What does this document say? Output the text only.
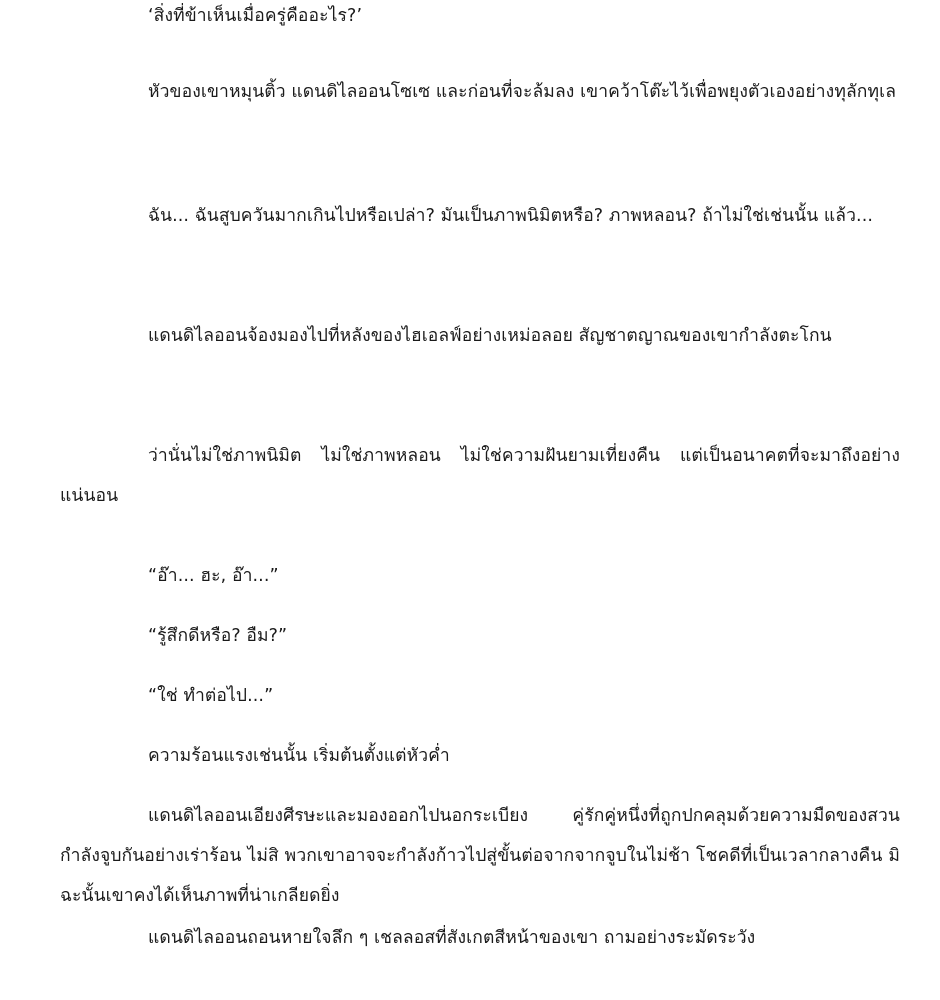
‘สิ่งที่ข้าเห็นเมื่อครู่คืออะไร?’

หัวของเขาหมุนติ้ว แดนดิไลออนโซเซ และก่อนที่จะล้มลง เขาคว้าโต๊ะไว้เพื่อพยุงตัวเองอย่างทุลักทุเล

ฉัน... ฉันสูบควันมากเกินไปหรือเปล่า? มันเป็นภาพนิมิตหรือ? ภาพหลอน? ถ้าไม่ใช่เช่นนั้น แล้ว...

แดนดิไลออนจ้องมองไปที่หลังของไฮเอลฟ์อย่างเหม่อลอย สัญชาตญาณของเขากำลังตะโกน

ว่านั่นไม่ใช่ภาพนิมิต ไม่ใช่ภาพหลอน ไม่ใช่ความฝันยามเที่ยงคืน แต่เป็นอนาคตที่จะมาถึงอย่างแน่นอน

“อ๊า... ฮะ, อ๊า...”

“รู้สึกดีหรือ? อืม?”

“ใช่ ทำต่อไป...”

ความร้อนแรงเช่นนั้น เริ่มต้นตั้งแต่หัวค่ำ

แดนดิไลออนเอียงศีรษะและมองออกไปนอกระเบียง คู่รักคู่หนึ่งที่ถูกปกคลุมด้วยความมืดของสวนกำลังจูบกันอย่างเร่าร้อน ไม่สิ พวกเขาอาจจะกำลังก้าวไปสู่ขั้นต่อจากจากจูบในไม่ช้า โชคดีที่เป็นเวลากลางคืน มิฉะนั้นเขาคงได้เห็นภาพที่น่าเกลียดยิ่ง

แดนดิไลออนถอนหายใจลึก ๆ เชลลอสที่สังเกตสีหน้าของเขา ถามอย่างระมัดระวัง
